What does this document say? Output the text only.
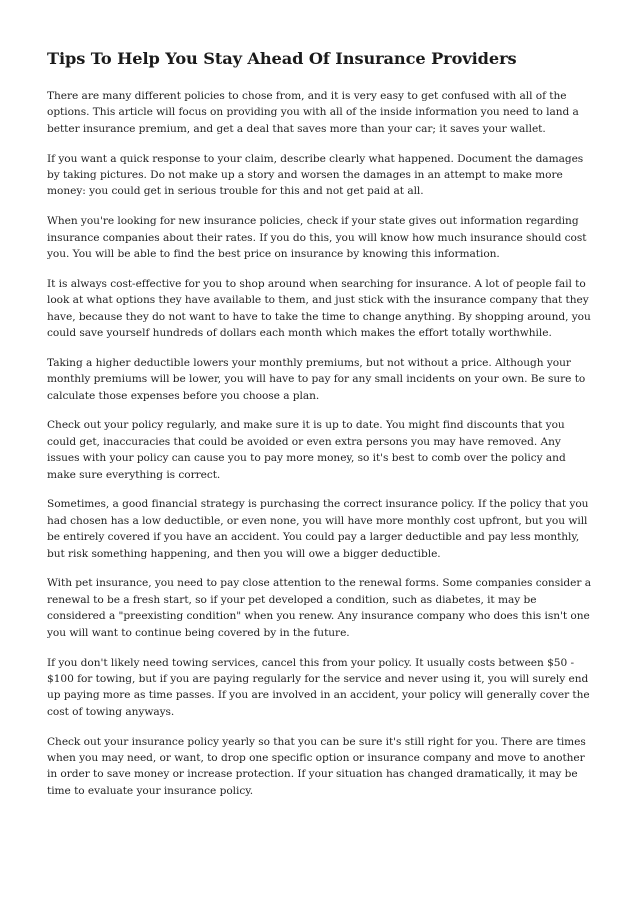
Tips To Help You Stay Ahead Of Insurance Providers

There are many different policies to chose from, and it is very easy to get confused with all of the options. This article will focus on providing you with all of the inside information you need to land a better insurance premium, and get a deal that saves more than your car; it saves your wallet.

If you want a quick response to your claim, describe clearly what happened. Document the damages by taking pictures. Do not make up a story and worsen the damages in an attempt to make more money: you could get in serious trouble for this and not get paid at all.

When you're looking for new insurance policies, check if your state gives out information regarding insurance companies about their rates. If you do this, you will know how much insurance should cost you. You will be able to find the best price on insurance by knowing this information.

It is always cost-effective for you to shop around when searching for insurance. A lot of people fail to look at what options they have available to them, and just stick with the insurance company that they have, because they do not want to have to take the time to change anything. By shopping around, you could save yourself hundreds of dollars each month which makes the effort totally worthwhile.

Taking a higher deductible lowers your monthly premiums, but not without a price. Although your monthly premiums will be lower, you will have to pay for any small incidents on your own. Be sure to calculate those expenses before you choose a plan.

Check out your policy regularly, and make sure it is up to date. You might find discounts that you could get, inaccuracies that could be avoided or even extra persons you may have removed. Any issues with your policy can cause you to pay more money, so it's best to comb over the policy and make sure everything is correct.

Sometimes, a good financial strategy is purchasing the correct insurance policy. If the policy that you had chosen has a low deductible, or even none, you will have more monthly cost upfront, but you will be entirely covered if you have an accident. You could pay a larger deductible and pay less monthly, but risk something happening, and then you will owe a bigger deductible.

With pet insurance, you need to pay close attention to the renewal forms. Some companies consider a renewal to be a fresh start, so if your pet developed a condition, such as diabetes, it may be considered a "preexisting condition" when you renew. Any insurance company who does this isn't one you will want to continue being covered by in the future.

If you don't likely need towing services, cancel this from your policy. It usually costs between $50 - $100 for towing, but if you are paying regularly for the service and never using it, you will surely end up paying more as time passes. If you are involved in an accident, your policy will generally cover the cost of towing anyways.

Check out your insurance policy yearly so that you can be sure it's still right for you. There are times when you may need, or want, to drop one specific option or insurance company and move to another in order to save money or increase protection. If your situation has changed dramatically, it may be time to evaluate your insurance policy.
